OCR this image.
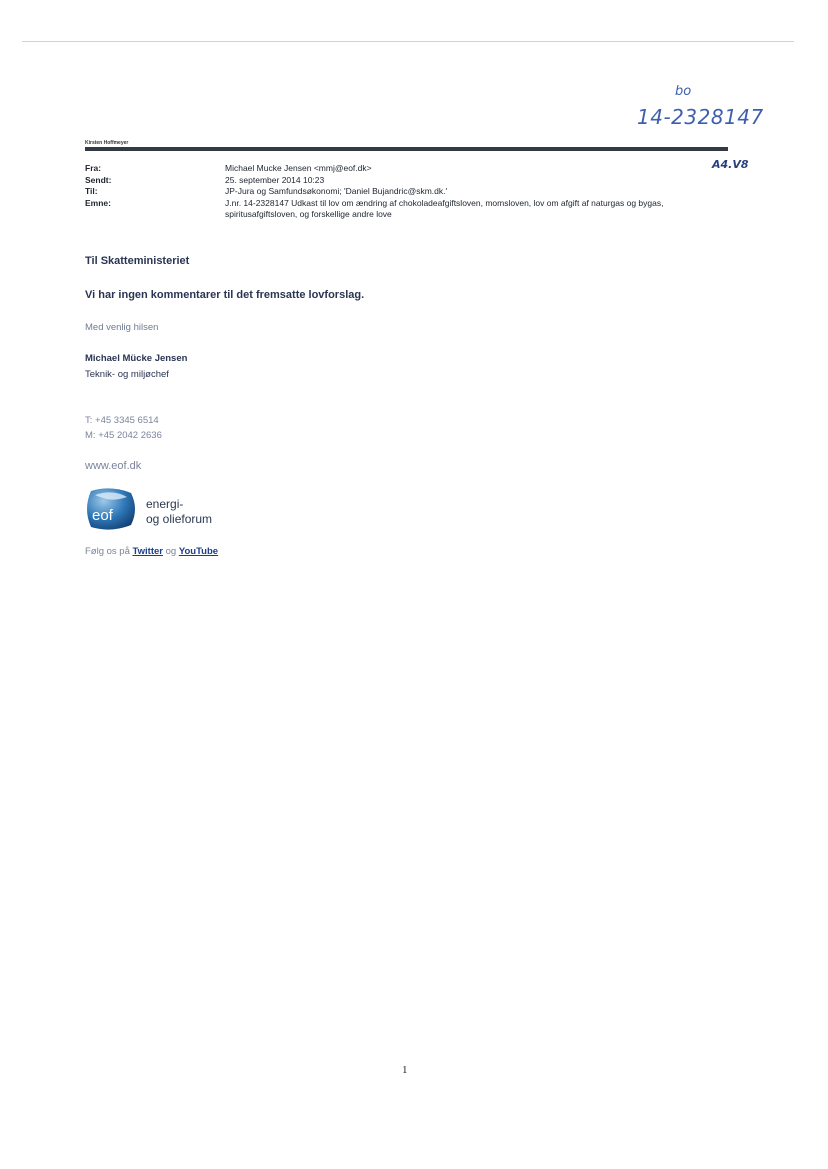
bo
14-2328147
A4.V8
Kirsten Hoffmeyer
Fra:	Michael Mucke Jensen <mmj@eof.dk>
Sendt:	25. september 2014 10:23
Til:	JP-Jura og Samfundsøkonomi; 'Daniel Bujandric@skm.dk.'
Emne:	J.nr. 14-2328147 Udkast til lov om ændring af chokoladeafgiftsloven, momsloven, lov om afgift af naturgas og bygas, spiritusafgiftsloven, og forskellige andre love
Til Skatteministeriet
Vi har ingen kommentarer til det fremsatte lovforslag.
Med venlig hilsen
Michael Mücke Jensen
Teknik- og miljøchef
T: +45 3345 6514
M: +45 2042 2636
www.eof.dk
eof
energi-
og olieforum
Følg os på Twitter og YouTube
1
